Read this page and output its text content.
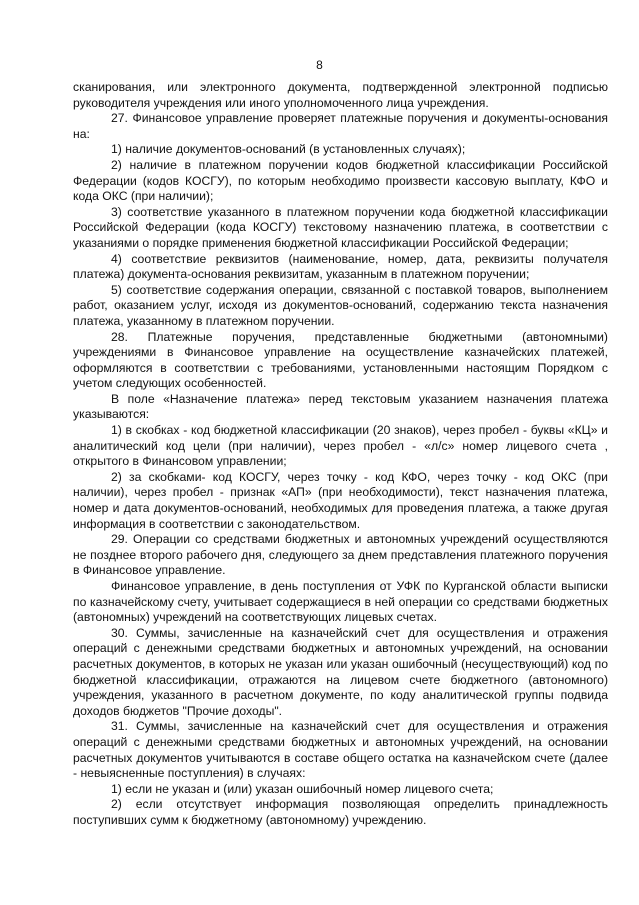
8

сканирования, или электронного документа, подтвержденной электронной подписью руководителя учреждения или иного уполномоченного лица учреждения.

27. Финансовое управление проверяет платежные поручения и документы-основания на:

1) наличие документов-оснований (в установленных случаях);

2) наличие в платежном поручении кодов бюджетной классификации Российской Федерации (кодов КОСГУ), по которым необходимо произвести кассовую выплату, КФО и кода ОКС (при наличии);

3) соответствие указанного в платежном поручении кода бюджетной классификации Российской Федерации (кода КОСГУ) текстовому назначению платежа, в соответствии с указаниями о порядке применения бюджетной классификации Российской Федерации;

4) соответствие реквизитов (наименование, номер, дата, реквизиты получателя платежа) документа-основания реквизитам, указанным в платежном поручении;

5) соответствие содержания операции, связанной с поставкой товаров, выполнением работ, оказанием услуг, исходя из документов-оснований, содержанию текста назначения платежа, указанному в платежном поручении.

28. Платежные поручения, представленные бюджетными (автономными) учреждениями в Финансовое управление на осуществление казначейских платежей, оформляются в соответствии с требованиями, установленными настоящим Порядком с учетом следующих особенностей.

В поле «Назначение платежа» перед текстовым указанием назначения платежа указываются:

1) в скобках - код бюджетной классификации (20 знаков), через пробел - буквы «КЦ» и аналитический код цели (при наличии), через пробел - «л/с» номер лицевого счета , открытого в Финансовом управлении;

2) за скобками- код КОСГУ, через точку - код КФО, через точку - код ОКС (при наличии), через пробел - признак «АП» (при необходимости), текст назначения платежа, номер и дата документов-оснований, необходимых для проведения платежа, а также другая информация в соответствии с законодательством.

29. Операции со средствами бюджетных и автономных учреждений осуществляются не позднее второго рабочего дня, следующего за днем представления платежного поручения в Финансовое управление.

Финансовое управление, в день поступления от УФК по Курганской области выписки по казначейскому счету, учитывает содержащиеся в ней операции со средствами бюджетных (автономных) учреждений на соответствующих лицевых счетах.

30. Суммы, зачисленные на казначейский счет для осуществления и отражения операций с денежными средствами бюджетных и автономных учреждений, на основании расчетных документов, в которых не указан или указан ошибочный (несуществующий) код по бюджетной классификации, отражаются на лицевом счете бюджетного (автономного) учреждения, указанного в расчетном документе, по коду аналитической группы подвида доходов бюджетов "Прочие доходы".

31. Суммы, зачисленные на казначейский счет для осуществления и отражения операций с денежными средствами бюджетных и автономных учреждений, на основании расчетных документов учитываются в составе общего остатка на казначейском счете (далее - невыясненные поступления) в случаях:

1) если не указан и (или) указан ошибочный номер лицевого счета;

2) если отсутствует информация позволяющая определить принадлежность поступивших сумм к бюджетному (автономному) учреждению.
